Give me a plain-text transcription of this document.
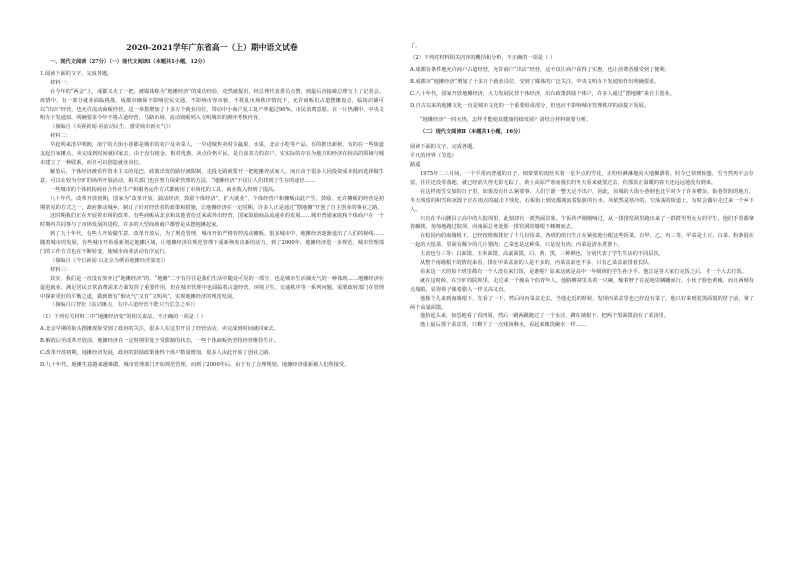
2020-2021学年广东省高一（上）期中语文试卷

一、现代文阅读（27分）（一）现代文阅读Ⅰ（本题共1小题，12分）

1.阅读下面的文字，完成各题。

材料一：

在今年的“两会”上，成都又火了一把，被媒体称为“地摊经济”的成功经验，竟然被提出，经总理代表委员点赞，到最后直接被总理写上了记者会。疫情中，有一部分就业面临挑战，成都市确保不影响居民交通，不影响市容市貌，不扰乱市场秩序情况下，允许商贩们占道摆摊设点，临街店铺可以“出店”经营，也允许流动商贩经营。这一举措增加了十多万个就业岗位，带动中小商户复工复产率超过90%，市民消费意愿。在一片热潮中，中央文明办下发通知，明确要求今年不将占道经营、马路市场、流动商贩列入文明城市的测评考核内容。

（摘编自《央视新闻·看流动民生，感受城市新火气》）

材料二：

早起明来清早明朗，南宁的大街小巷都是城市的农户及卖菜人，一早进城售卖时令蔬果、水果，北京小吃等产品。有的推出新榜，有的在一些街道支起自家摊点，卖完成到时间就回家去。由于没有租金，相对优惠，卖点价格平民，是自食其力的农户。实实际的存在为地方的经济在较高的领域与城市建立了一种联系，而且可以创造就业岗位。

解放后，个体经济被看作资本主义的尾巴，政策出发的路径被限制，走投无路就要开一把地摊养活家人。而且由于很多人因投资成本低而选择做生意，可以在较为空旷的场所开展活动，相关部门也在努力探索管理的方法，“地摊经济”不仅让人们找到了生存的途径……

一些城市的个体机构商业合作社生产和服务运作方式都使用了市场化的工具，商业收入得到了提高。

八十年代，改革开放初期，国家为“改革开放，搞活经济，鼓励个体经济”，扩大就业”，个体经营户和摊贩由此产生，鼓励、允许摊贩的经营是初期常见的方式之一，政府推动城乡，制订了针对经营者的政策和措施，让地摊经济在一定时期，许多人正是通过“摆地摊”开创了自主创业的事业之路。

这时期我们正在开展着市场的改革，有些商贩从北京和其他省份迁来或外出经营，国家鼓励商品流通业的发展……城市普通家庭和个体商户在一个时期内共同参与了市场发展的进程，许多的大型商场商户都曾是从摆地摊起家。

到了九十年代，有些人开始做生意。改革开放后，为了规范管理，城市开始严格管控流动摊贩，很多城市中，地摊经济逐渐退出了人们的视线……随着城市的发展，有些城市开始重新划定地摊区域，让地摊经济在规范管理下重新焕发出新的活力。到了2000年，地摊经济进一步规范，城市管理部门的工作方式也在不断转变，使城市商业活动有序运行。

（摘编自《今日新闻·以北京为例看地摊经济演变》）

材料三：

其实，我们是一直没有放弃过“地摊经济”的。“地摊”二字有往往是我们生活中随处可见的一部分，也是城市生活烟火气的一种体现……地摊经济在促进就业、满足居民日常消费需求方面发挥了重要作用，但在城市管理中也面临着占道经营、环境卫生、交通秩序等一系列问题，需要政府部门在管理中探索更好的平衡之道，做到既有“烟火气”又有“文明风”，实现地摊经济的规范发展。

（摘编自白智松《流动摊点，有序占道经营不能只当危急之举》）

（1）下列有关材料二中“地摊经济变”的相关说法，不正确的一项是（ ）

A.北京早期的街头摆摊现象受到了政府的关注，很多人在这里开启了经营活动，卖完成到时间就回家去。

B.解放后至改革开放前，地摊经济在一定时期里处于受限制的状态，一些个体商贩仍坚持经营维持生计。

C.改革开放初期，地摊经济发展，政府的鼓励政策使得个体户数量增加，很多人由此开始了创业之路。

D.九十年代，地摊生意越来越难做，城市管理部门开始规范管理，而到了2000年后，由于有了合理规划，地摊经济重新被人们所接受，

了。

（2）下列对材料相关内容的概括和分析，不正确的一项是（ ）

A.成都有条件地允许商户占道经营，允许商户“出店”经营，这不仅让商户获得了实惠，也让消费者感受到了便利。

B.成都市“地摊经济”增加了十多万个就业岗位，受到了媒体的广泛关注，中央文明办下发通知作出明确要求。

C.八十年代，国家开放地摊经济，大力发展民营个体经济，出台政策鼓励个体户，许多人通过“摆地摊”来自主创业。

D.自古以来的地摊文化一直是城市文化的一个重要组成部分，但也应不影响城市管理秩序的前提下发展。

“地摊经济”一时火热，怎样才能使其健康持续发展？请结合材料简要分析。

（二）现代文阅读Ⅱ（本题共1小题，16分）

阅读下面的文字，完成各题。

平凡的世界（节选）

路遥

1975年二三月间，一个平常而普通的日子，细蒙蒙的雨丝夹着一星半点的雪花，正纷纷淋淋地向大地飘洒着。时令已快到惊蛰，雪当然再不会存留，往往还没等落地，就已经消失得无影无踪了。黄土高原严寒而漫长的冬天看来就要过去，但那真正温暖的春天还远远地没有到来。

在这样雨雪交加的日子里，如果没有什么紧要事，人们宁愿一整天足不出户。因此，县城的大街小巷倒也比平时少了许多嘈杂。街巷背阴的地方，冬天残留的积雪和冰溜子正在雨点的敲击下蚀化，石板街上到处都漫流着肮脏的污水。风依然是寒冷的。空荡荡的街道上，有时会偶尔走过来一个乡下人。

只有在半山腰县立高中的大院坝里，此刻却有一派热闹景象。午饭铃声刚刚响过，从一排排窑洞里跑出来了一群群男男女女的学生。他们手里都拿着碗筷，匆匆地跑过院坝，向南面总务处那一排窑洞的墙根下蜂拥而去。

在校园内的南墙根下，已经按班级排好了十几份饭菜。各班的值日生正在紧张地分配这些饭菜。有甲、乙、丙三等。甲菜是土豆、白菜、粉条混在一起的大烩菜，里面有稀少的几片猪肉；乙菜也是这种菜，只是没有肉；丙菜是清水煮萝卜。

主食也分三等：白面馍、玉米面馍、高粱面馍。白、黄、黑，三种颜色，分别代表了学生生活的不同层次。

从整个南墙根下的情况来看，排在甲菜盆前的人是不多的，丙菜盆前也不多，只有乙菜盆前排着长队。

看来这一天的每个班里都有一个人没有来打饭，是谁呢？原来这就是高中一年级班的学生孙少平。他总是等大家打完饭之后，才一个人去打饭。

就在这时候，在空旷的院坝里，走过来一个瘦高个的青年人。他胳膊窝里夹着一只碗，缩着脖子在泥地里蹒跚而行。小伙子脸色黄瘦，而且两颊有点塌陷，显得鼻子像希腊人一样又高又直。

他独个儿来到南墙根下，先看了一下，然后向丙菜盆走去。当他走近的时候，发现丙菜盆里也已经没有菜了。他只好来到装黑面馍的筐子前，拿了两个高粱面馍。

他抬起头来，惊恐地看了看四周，然后一跳两跳跑过了一个水洼，蹲在墙根下，把两个黑面馍泡在了菜汤里。

地上最后那个菜盆里，只剩下了一点残汤剩水，看起来像洗碗水一样……
